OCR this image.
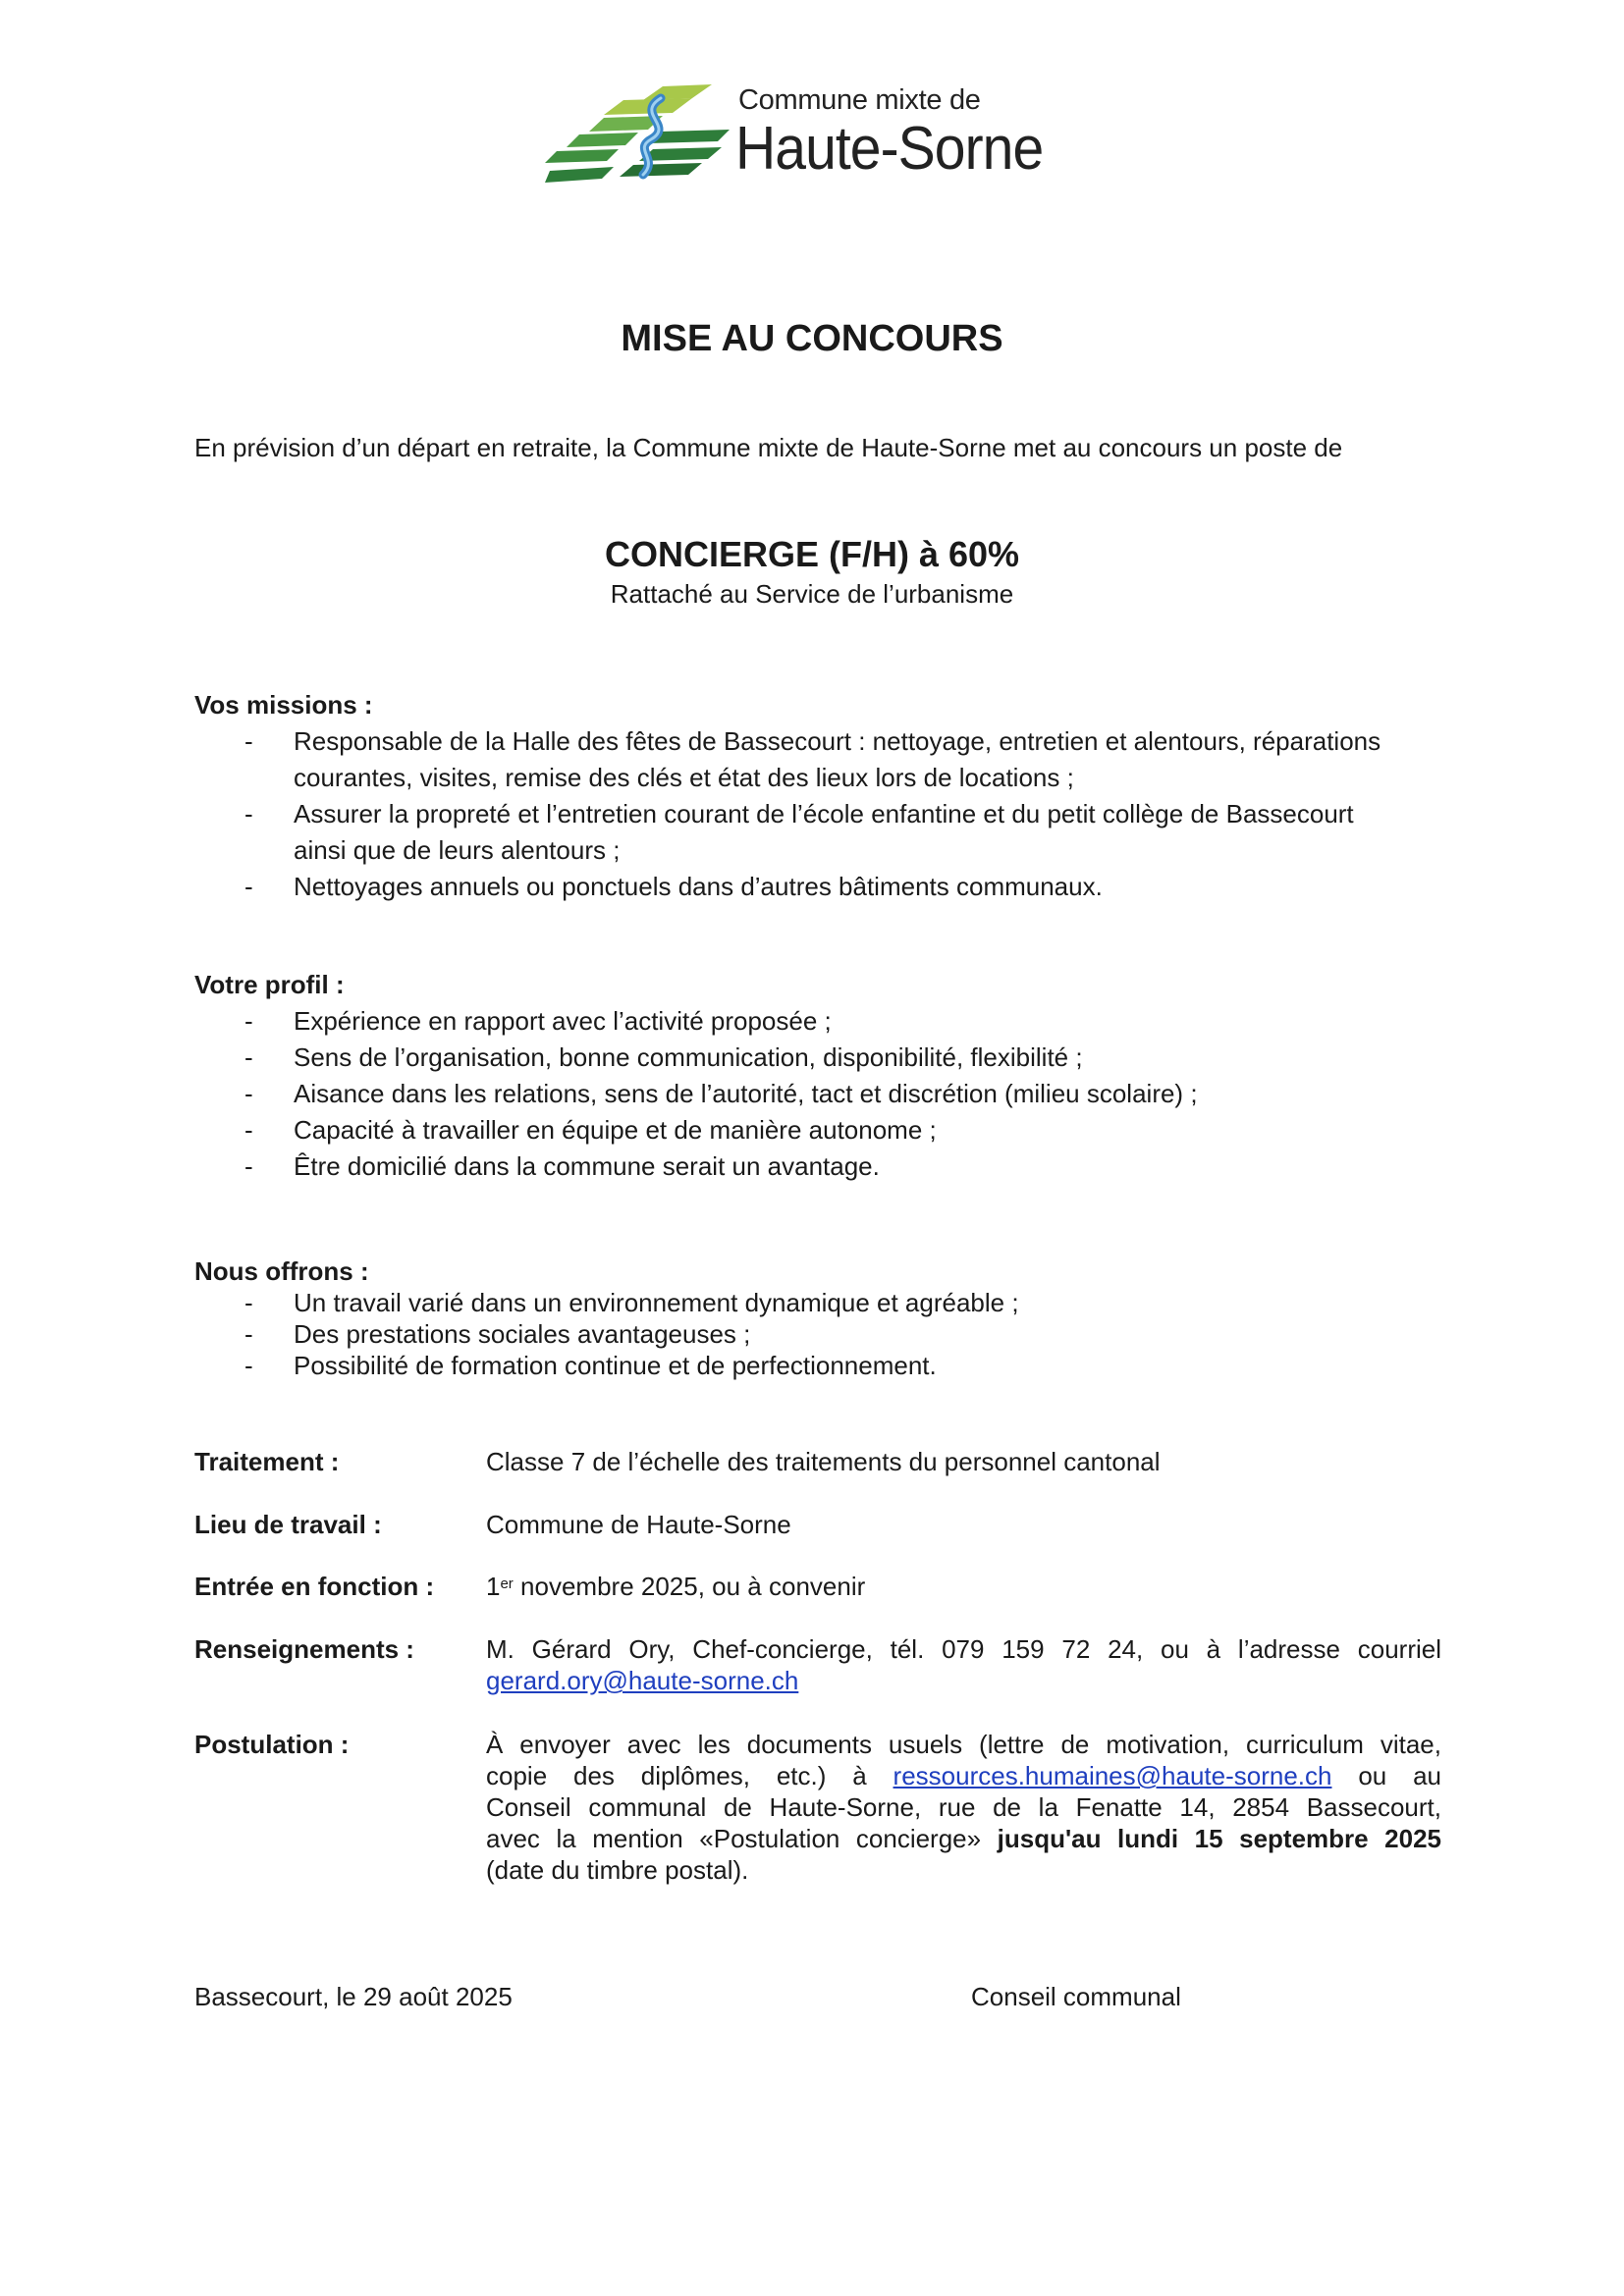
Commune mixte de
Haute-Sorne
MISE AU CONCOURS
En prévision d’un départ en retraite, la Commune mixte de Haute-Sorne met au concours un poste de
CONCIERGE (F/H) à 60%
Rattaché au Service de l’urbanisme
Vos missions :
- Responsable de la Halle des fêtes de Bassecourt : nettoyage, entretien et alentours, réparations
courantes, visites, remise des clés et état des lieux lors de locations ;
- Assurer la propreté et l’entretien courant de l’école enfantine et du petit collège de Bassecourt
ainsi que de leurs alentours ;
- Nettoyages annuels ou ponctuels dans d’autres bâtiments communaux.
Votre profil :
- Expérience en rapport avec l’activité proposée ;
- Sens de l’organisation, bonne communication, disponibilité, flexibilité ;
- Aisance dans les relations, sens de l’autorité, tact et discrétion (milieu scolaire) ;
- Capacité à travailler en équipe et de manière autonome ;
- Être domicilié dans la commune serait un avantage.
Nous offrons :
- Un travail varié dans un environnement dynamique et agréable ;
- Des prestations sociales avantageuses ;
- Possibilité de formation continue et de perfectionnement.
Traitement :	Classe 7 de l’échelle des traitements du personnel cantonal
Lieu de travail :	Commune de Haute-Sorne
Entrée en fonction : 1er novembre 2025, ou à convenir
Renseignements :	M. Gérard Ory, Chef-concierge, tél. 079 159 72 24, ou à l’adresse courriel
gerard.ory@haute-sorne.ch
Postulation :	À envoyer avec les documents usuels (lettre de motivation, curriculum vitae,
copie des diplômes, etc.) à ressources.humaines@haute-sorne.ch ou au
Conseil communal de Haute-Sorne, rue de la Fenatte 14, 2854 Bassecourt,
avec la mention «Postulation concierge» jusqu'au lundi 15 septembre 2025
(date du timbre postal).
Bassecourt, le 29 août 2025	Conseil communal
